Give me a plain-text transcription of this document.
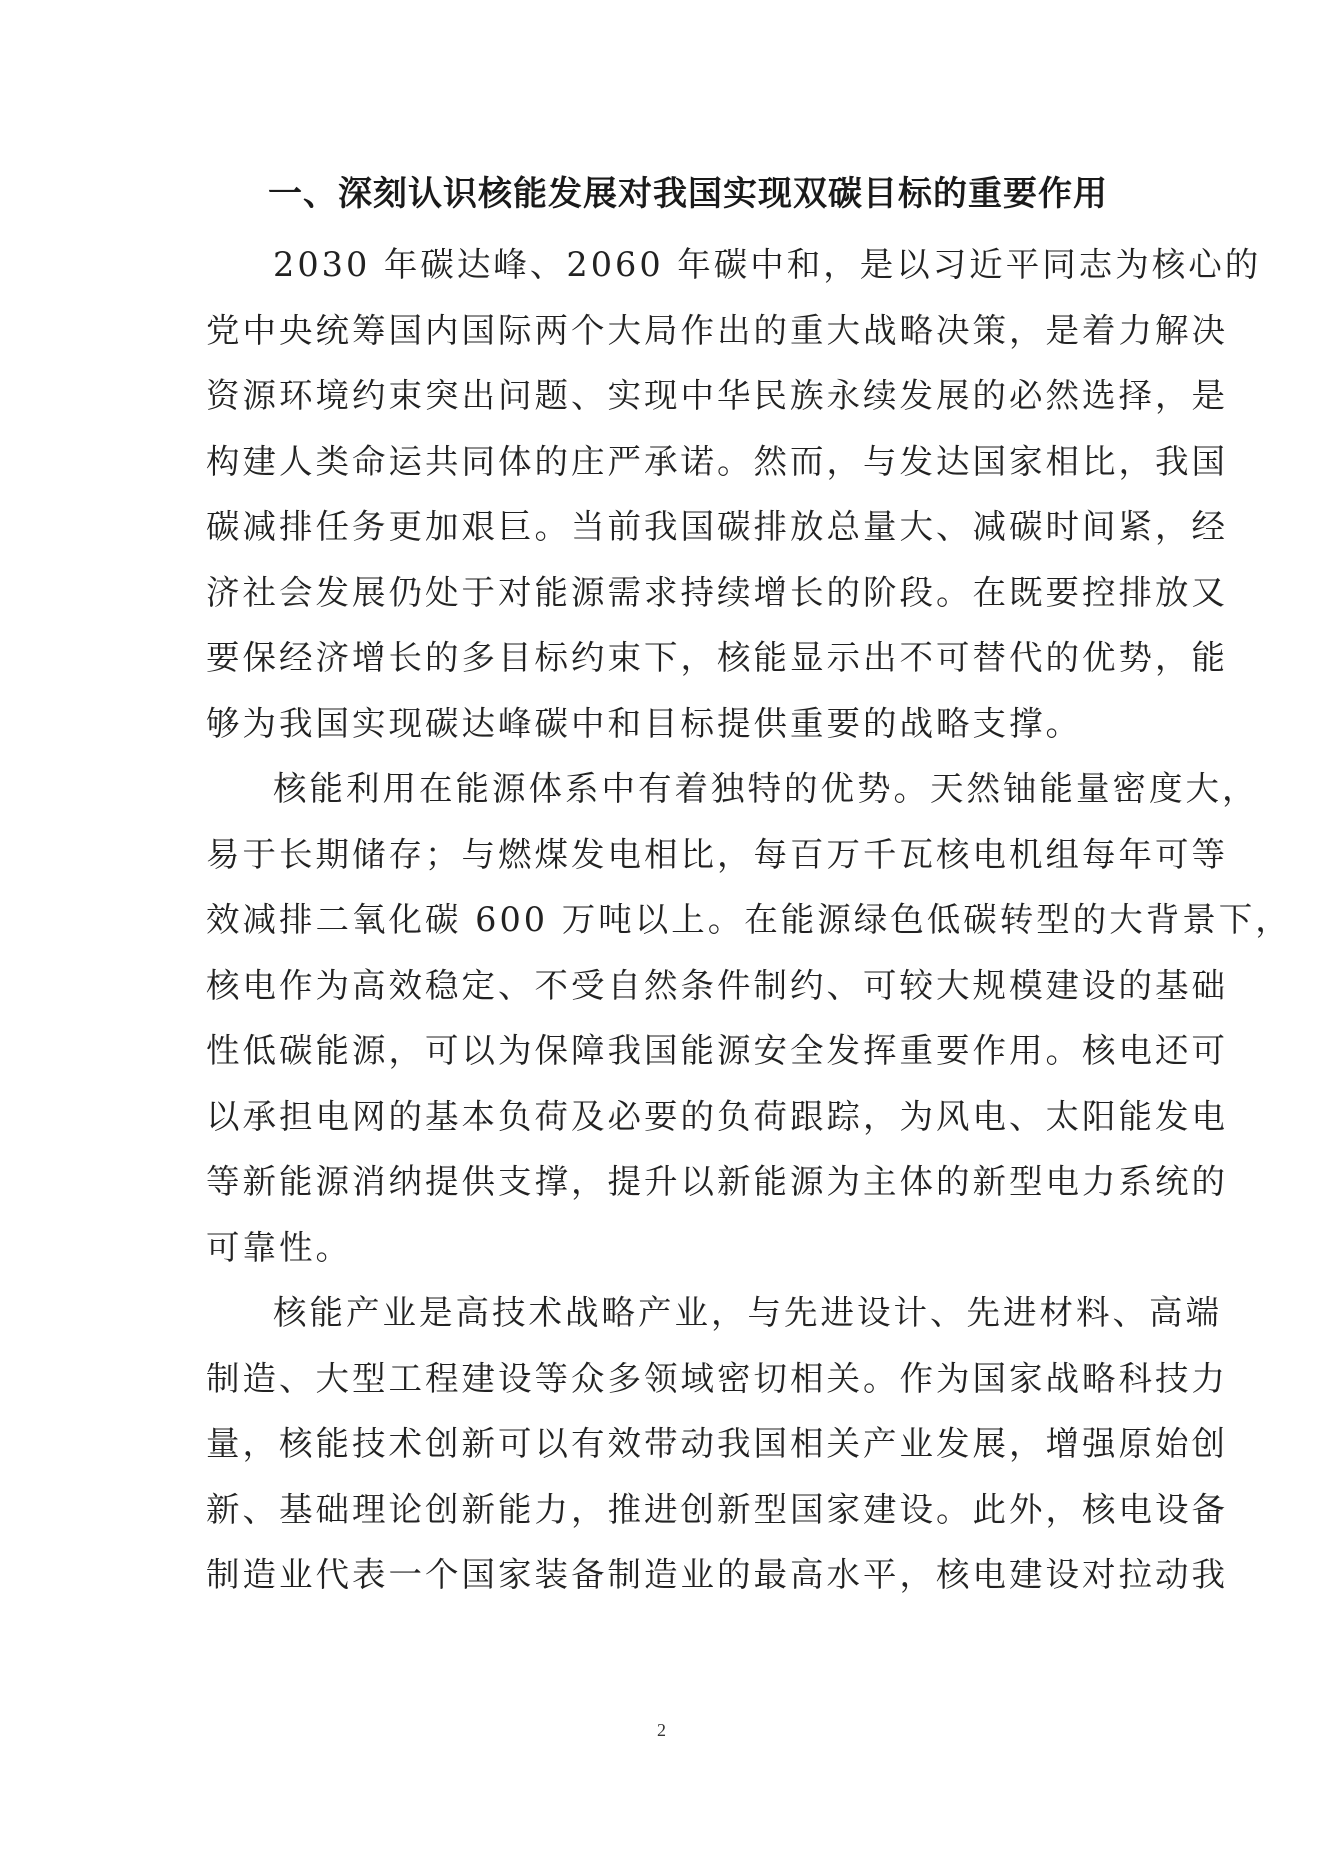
一、深刻认识核能发展对我国实现双碳目标的重要作用

2030 年碳达峰、2060 年碳中和，是以习近平同志为核心的
党中央统筹国内国际两个大局作出的重大战略决策，是着力解决
资源环境约束突出问题、实现中华民族永续发展的必然选择，是
构建人类命运共同体的庄严承诺。然而，与发达国家相比，我国
碳减排任务更加艰巨。当前我国碳排放总量大、减碳时间紧，经
济社会发展仍处于对能源需求持续增长的阶段。在既要控排放又
要保经济增长的多目标约束下，核能显示出不可替代的优势，能
够为我国实现碳达峰碳中和目标提供重要的战略支撑。

核能利用在能源体系中有着独特的优势。天然铀能量密度大，
易于长期储存；与燃煤发电相比，每百万千瓦核电机组每年可等
效减排二氧化碳 600 万吨以上。在能源绿色低碳转型的大背景下，
核电作为高效稳定、不受自然条件制约、可较大规模建设的基础
性低碳能源，可以为保障我国能源安全发挥重要作用。核电还可
以承担电网的基本负荷及必要的负荷跟踪，为风电、太阳能发电
等新能源消纳提供支撑，提升以新能源为主体的新型电力系统的
可靠性。

核能产业是高技术战略产业，与先进设计、先进材料、高端
制造、大型工程建设等众多领域密切相关。作为国家战略科技力
量，核能技术创新可以有效带动我国相关产业发展，增强原始创
新、基础理论创新能力，推进创新型国家建设。此外，核电设备
制造业代表一个国家装备制造业的最高水平，核电建设对拉动我

2
